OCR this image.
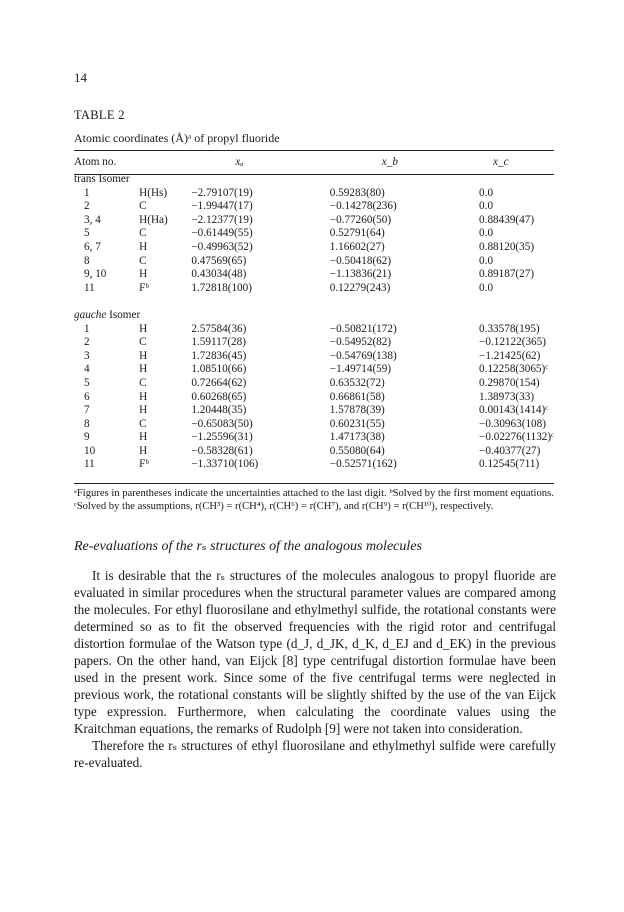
14
TABLE 2
Atomic coordinates (Å)ᵃ of propyl fluoride
Atom no.		xₐ	x_b	x_c
trans Isomer				
1	H(Hs)	−2.79107(19)	0.59283(80)	0.0
2	C	−1.99447(17)	−0.14278(236)	0.0
3, 4	H(Ha)	−2.12377(19)	−0.77260(50)	0.88439(47)
5	C	−0.61449(55)	0.52791(64)	0.0
6, 7	H	−0.49963(52)	1.16602(27)	0.88120(35)
8	C	0.47569(65)	−0.50418(62)	0.0
9, 10	H	0.43034(48)	−1.13836(21)	0.89187(27)
11	Fᵇ	1.72818(100)	0.12279(243)	0.0

gauche Isomer				
1	H	2.57584(36)	−0.50821(172)	0.33578(195)
2	C	1.59117(28)	−0.54952(82)	−0.12122(365)
3	H	1.72836(45)	−0.54769(138)	−1.21425(62)
4	H	1.08510(66)	−1.49714(59)	0.12258(3065)ᶜ
5	C	0.72664(62)	0.63532(72)	0.29870(154)
6	H	0.60268(65)	0.66861(58)	1.38973(33)
7	H	1.20448(35)	1.57878(39)	0.00143(1414)ᶜ
8	C	−0.65083(50)	0.60231(55)	−0.30963(108)
9	H	−1.25596(31)	1.47173(38)	−0.02276(1132)ᶜ
10	H	−0.58328(61)	0.55080(64)	−0.40377(27)
11	Fᵇ	−1.33710(106)	−0.52571(162)	0.12545(711)
ᵃFigures in parentheses indicate the uncertainties attached to the last digit. ᵇSolved by the first moment equations. ᶜSolved by the assumptions, r(CH³) = r(CH⁴), r(CH⁶) = r(CH⁷), and r(CH⁹) = r(CH¹⁰), respectively.
Re-evaluations of the rₛ structures of the analogous molecules

It is desirable that the rₛ structures of the molecules analogous to propyl fluoride are evaluated in similar procedures when the structural parameter values are compared among the molecules. For ethyl fluorosilane and ethylmethyl sulfide, the rotational constants were determined so as to fit the observed frequencies with the rigid rotor and centrifugal distortion formulae of the Watson type (d_J, d_JK, d_K, d_EJ and d_EK) in the previous papers. On the other hand, van Eijck [8] type centrifugal distortion formulae have been used in the present work. Since some of the five centrifugal terms were neglected in previous work, the rotational constants will be slightly shifted by the use of the van Eijck type expression. Furthermore, when calculating the coordinate values using the Kraitchman equations, the remarks of Rudolph [9] were not taken into consideration.

Therefore the rₛ structures of ethyl fluorosilane and ethylmethyl sulfide were carefully re-evaluated.
